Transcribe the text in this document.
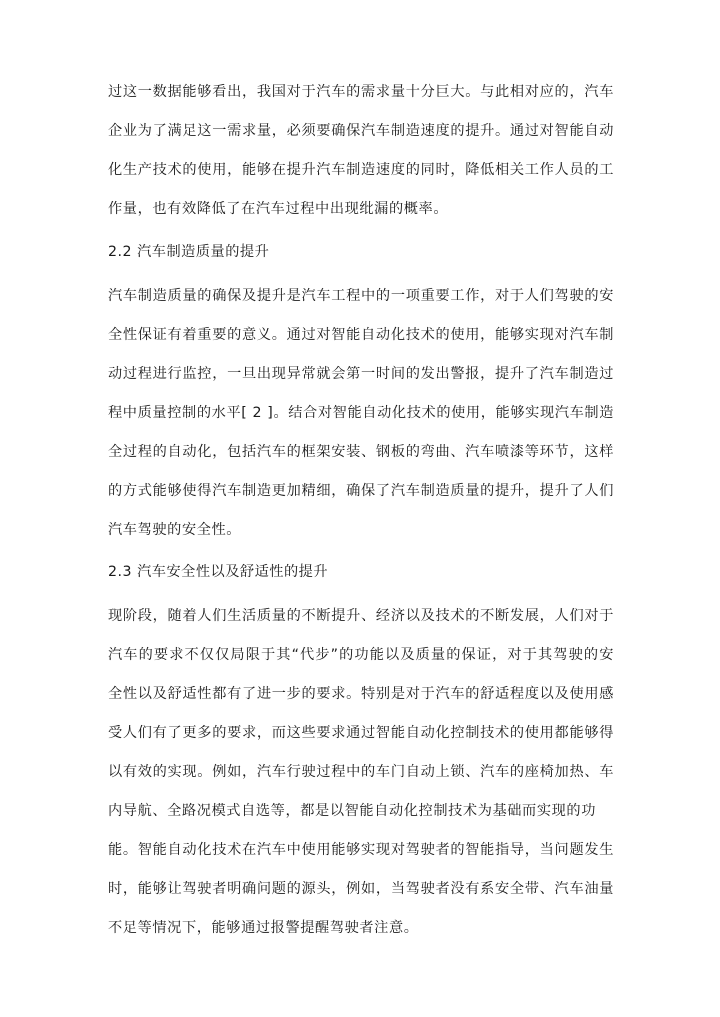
过这一数据能够看出，我国对于汽车的需求量十分巨大。与此相对应的，汽车
企业为了满足这一需求量，必须要确保汽车制造速度的提升。通过对智能自动
化生产技术的使用，能够在提升汽车制造速度的同时，降低相关工作人员的工
作量，也有效降低了在汽车过程中出现纰漏的概率。
2.2 汽车制造质量的提升
汽车制造质量的确保及提升是汽车工程中的一项重要工作，对于人们驾驶的安
全性保证有着重要的意义。通过对智能自动化技术的使用，能够实现对汽车制
动过程进行监控，一旦出现异常就会第一时间的发出警报，提升了汽车制造过
程中质量控制的水平[ 2 ]。结合对智能自动化技术的使用，能够实现汽车制造
全过程的自动化，包括汽车的框架安装、钢板的弯曲、汽车喷漆等环节，这样
的方式能够使得汽车制造更加精细，确保了汽车制造质量的提升，提升了人们
汽车驾驶的安全性。
2.3 汽车安全性以及舒适性的提升
现阶段，随着人们生活质量的不断提升、经济以及技术的不断发展，人们对于
汽车的要求不仅仅局限于其“代步”的功能以及质量的保证，对于其驾驶的安
全性以及舒适性都有了进一步的要求。特别是对于汽车的舒适程度以及使用感
受人们有了更多的要求，而这些要求通过智能自动化控制技术的使用都能够得
以有效的实现。例如，汽车行驶过程中的车门自动上锁、汽车的座椅加热、车
内导航、全路况模式自选等，都是以智能自动化控制技术为基础而实现的功
能。智能自动化技术在汽车中使用能够实现对驾驶者的智能指导，当问题发生
时，能够让驾驶者明确问题的源头，例如，当驾驶者没有系安全带、汽车油量
不足等情况下，能够通过报警提醒驾驶者注意。
